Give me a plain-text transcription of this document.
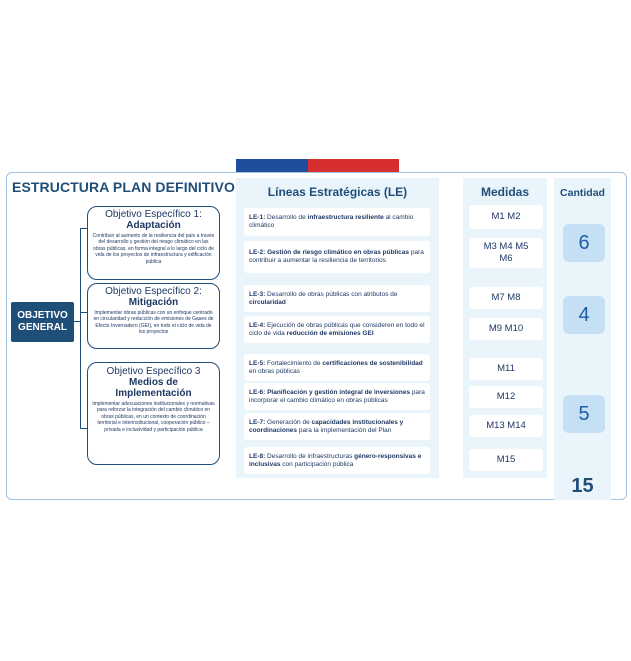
ESTRUCTURA PLAN DEFINITIVO
OBJETIVO GENERAL
Objetivo Específico 1:
Adaptación
Contribuir al aumento de la resiliencia del país a través del desarrollo y gestión del riesgo climático en las obras públicas, en forma integral a lo largo del ciclo de vida de los proyectos de infraestructura y edificación pública
Objetivo Específico 2:
Mitigación
Implementar obras públicas con un enfoque centrado en circularidad y reducción de emisiones de Gases de Efecto Invernadero (GEI), en todo el ciclo de vida de los proyectos
Objetivo Específico 3
Medios de Implementación
Implementar adecuaciones institucionales y normativas para reforzar la integración del cambio climático en obras públicas, en un contexto de coordinación territorial e interinstitucional, cooperación público – privada e inclusividad y participación pública
Líneas Estratégicas (LE)
LE-1: Desarrollo de infraestructura resiliente al cambio climático
LE-2: Gestión de riesgo climático en obras públicas para contribuir a aumentar la resiliencia de territorios
LE-3: Desarrollo de obras públicas con atributos de circularidad
LE-4: Ejecución de obras públicas que consideren en todo el ciclo de vida reducción de emisiones GEI
LE-5: Fortalecimiento de certificaciones de sostenibilidad en obras públicas
LE-6: Planificación y gestión integral de inversiones para incorporar el cambio climático en obras públicas
LE-7: Generación de capacidades institucionales y coordinaciones para la implementación del Plan
LE-8: Desarrollo de infraestructuras género-responsivas e inclusivas con participación pública
Medidas
M1 M2
M3 M4 M5 M6
M7 M8
M9 M10
M11
M12
M13 M14
M15
Cantidad
6
4
5
15
